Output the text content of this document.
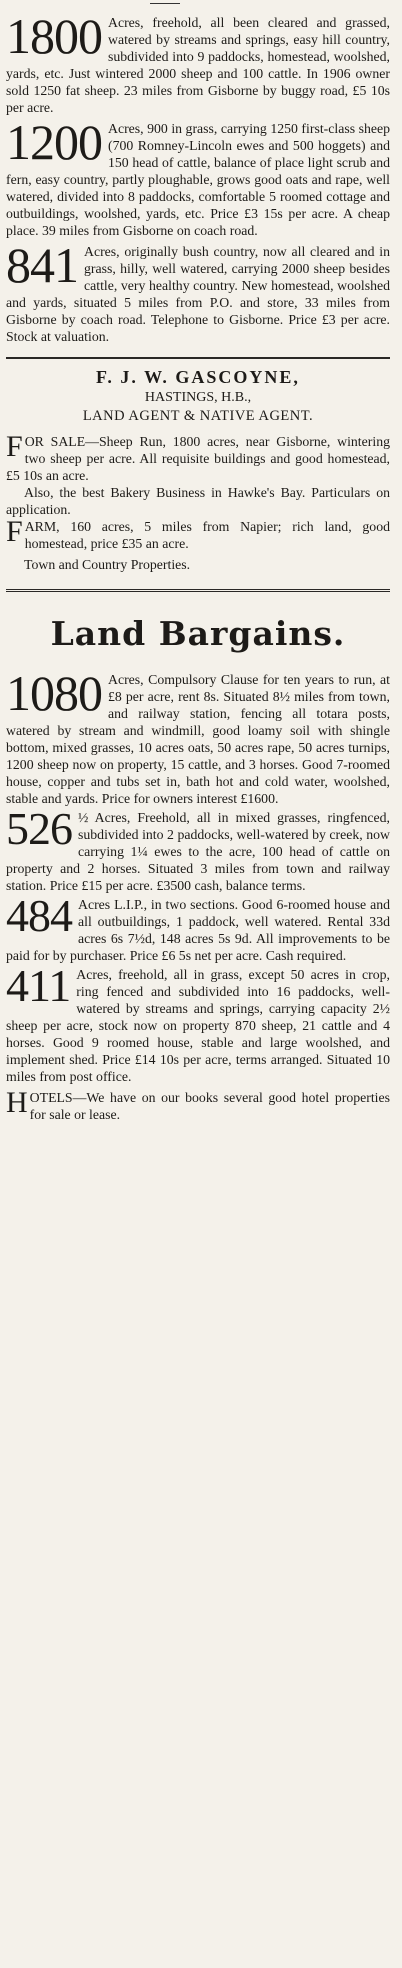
1800 Acres, freehold, all been cleared and grassed, watered by streams and springs, easy hill country, subdivided into 9 paddocks, homestead, woolshed, yards, etc. Just wintered 2000 sheep and 100 cattle. In 1906 owner sold 1250 fat sheep. 23 miles from Gisborne by buggy road, £5 10s per acre.
1200 Acres, 900 in grass, carrying 1250 first-class sheep (700 Romney-Lincoln ewes and 500 hoggets) and 150 head of cattle, balance of place light scrub and fern, easy country, partly ploughable, grows good oats and rape, well watered, divided into 8 paddocks, comfortable 5 roomed cottage and outbuildings, woolshed, yards, etc. Price £3 15s per acre. A cheap place. 39 miles from Gisborne on coach road.
841 Acres, originally bush country, now all cleared and in grass, hilly, well watered, carrying 2000 sheep besides cattle, very healthy country. New homestead, woolshed and yards, situated 5 miles from P.O. and store, 33 miles from Gisborne by coach road. Telephone to Gisborne. Price £3 per acre. Stock at valuation.
F. J. W. GASCOYNE,
HASTINGS, H.B.,
LAND AGENT & NATIVE AGENT.
F OR SALE—Sheep Run, 1800 acres, near Gisborne, wintering two sheep per acre. All requisite buildings and good homestead, £5 10s an acre.
Also, the best Bakery Business in Hawke's Bay. Particulars on application.
F ARM, 160 acres, 5 miles from Napier; rich land, good homestead, price £35 an acre.
Town and Country Properties.
Land Bargains.
1080 Acres, Compulsory Clause for ten years to run, at £8 per acre, rent 8s. Situated 8½ miles from town, and railway station, fencing all totara posts, watered by stream and windmill, good loamy soil with shingle bottom, mixed grasses, 10 acres oats, 50 acres rape, 50 acres turnips, 1200 sheep now on property, 15 cattle, and 3 horses. Good 7-roomed house, copper and tubs set in, bath hot and cold water, woolshed, stable and yards. Price for owners interest £1600.
526 ½ Acres, Freehold, all in mixed grasses, ringfenced, subdivided into 2 paddocks, well-watered by creek, now carrying 1¼ ewes to the acre, 100 head of cattle on property and 2 horses. Situated 3 miles from town and railway station. Price £15 per acre. £3500 cash, balance terms.
484 Acres L.I.P., in two sections. Good 6-roomed house and all outbuildings, 1 paddock, well watered. Rental 33d acres 6s 7½d, 148 acres 5s 9d. All improvements to be paid for by purchaser. Price £6 5s net per acre. Cash required.
411 Acres, freehold, all in grass, except 50 acres in crop, ring fenced and subdivided into 16 paddocks, well-watered by streams and springs, carrying capacity 2½ sheep per acre, stock now on property 870 sheep, 21 cattle and 4 horses. Good 9 roomed house, stable and large woolshed, and implement shed. Price £14 10s per acre, terms arranged. Situated 10 miles from post office.
H OTELS—We have on our books several good hotel properties for sale or lease.
